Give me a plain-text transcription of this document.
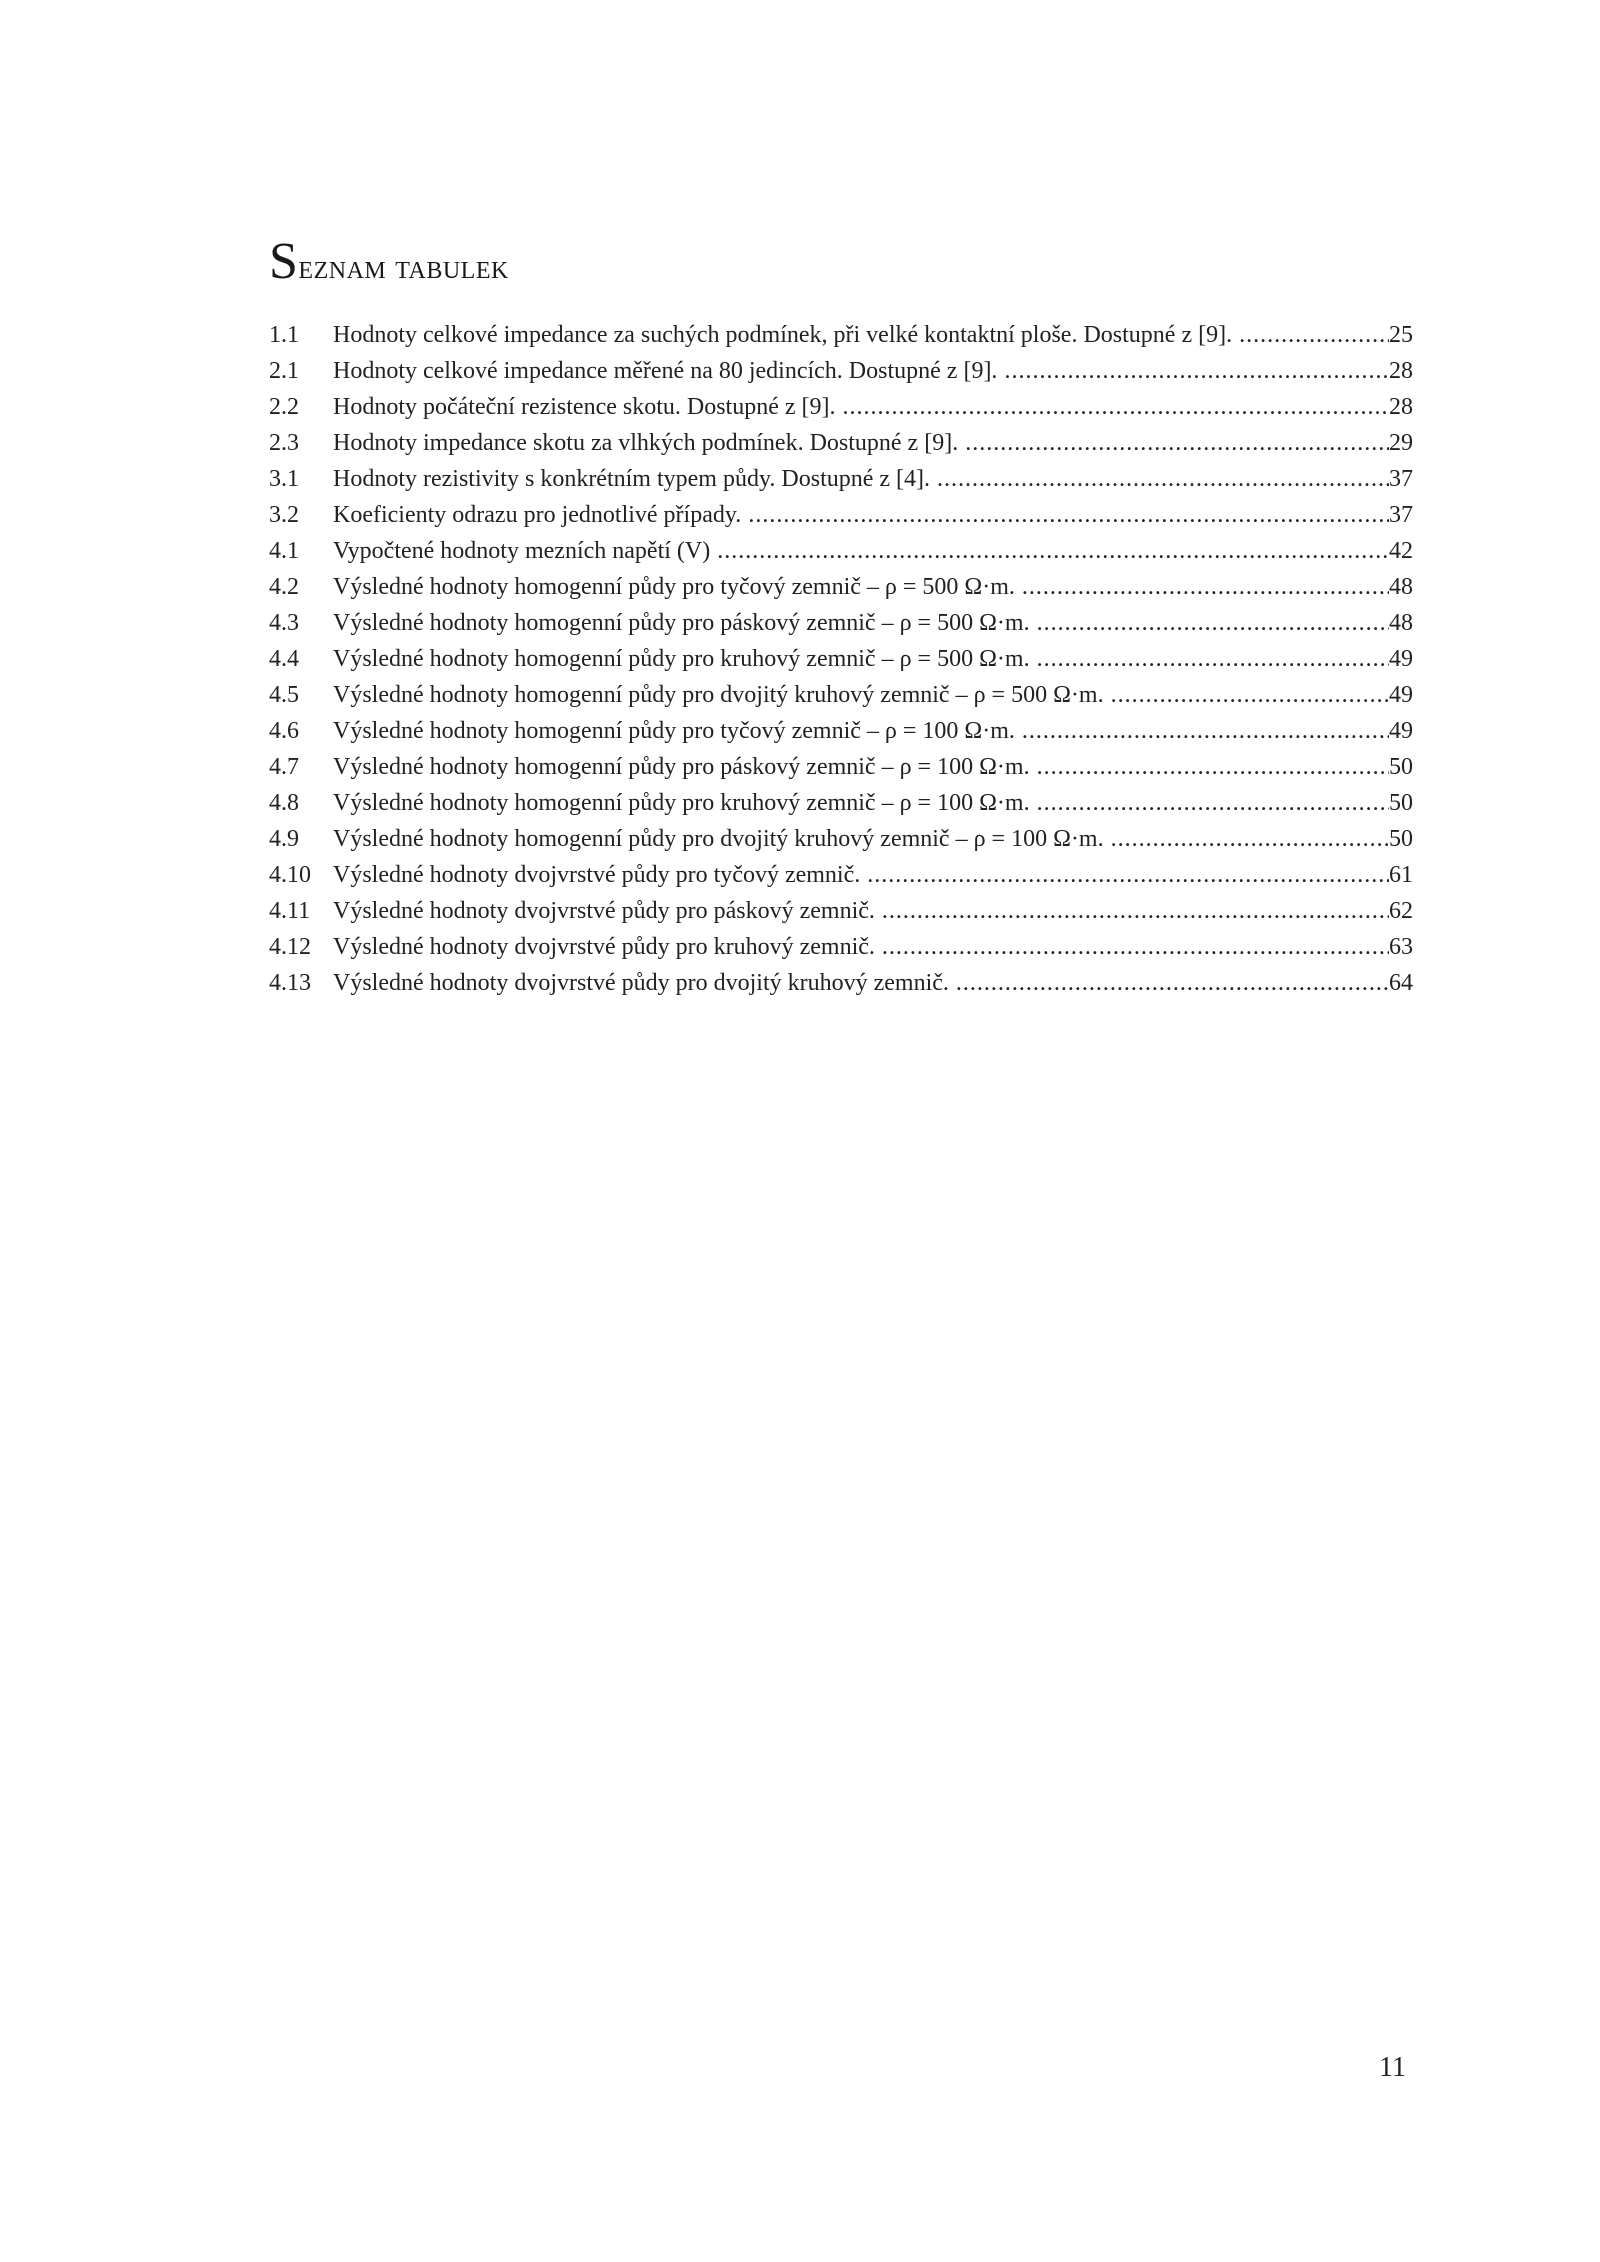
Seznam tabulek
1.1	Hodnoty celkové impedance za suchých podmínek, při velké kontaktní ploše. Dostupné z [9]. .....	25
2.1	Hodnoty celkové impedance měřené na 80 jedincích. Dostupné z [9]. .....	28
2.2	Hodnoty počáteční rezistence skotu. Dostupné z [9]. .....	28
2.3	Hodnoty impedance skotu za vlhkých podmínek. Dostupné z [9]. .....	29
3.1	Hodnoty rezistivity s konkrétním typem půdy. Dostupné z [4]. .....	37
3.2	Koeficienty odrazu pro jednotlivé případy. .....	37
4.1	Vypočtené hodnoty mezních napětí (V) .....	42
4.2	Výsledné hodnoty homogenní půdy pro tyčový zemnič – ρ = 500 Ω·m. .....	48
4.3	Výsledné hodnoty homogenní půdy pro páskový zemnič – ρ = 500 Ω·m. .....	48
4.4	Výsledné hodnoty homogenní půdy pro kruhový zemnič – ρ = 500 Ω·m. .....	49
4.5	Výsledné hodnoty homogenní půdy pro dvojitý kruhový zemnič – ρ = 500 Ω·m. .....	49
4.6	Výsledné hodnoty homogenní půdy pro tyčový zemnič – ρ = 100 Ω·m. .....	49
4.7	Výsledné hodnoty homogenní půdy pro páskový zemnič – ρ = 100 Ω·m. .....	50
4.8	Výsledné hodnoty homogenní půdy pro kruhový zemnič – ρ = 100 Ω·m. .....	50
4.9	Výsledné hodnoty homogenní půdy pro dvojitý kruhový zemnič – ρ = 100 Ω·m. .....	50
4.10 Výsledné hodnoty dvojvrstvé půdy pro tyčový zemnič. .....	61
4.11 Výsledné hodnoty dvojvrstvé půdy pro páskový zemnič. .....	62
4.12 Výsledné hodnoty dvojvrstvé půdy pro kruhový zemnič. .....	63
4.13 Výsledné hodnoty dvojvrstvé půdy pro dvojitý kruhový zemnič. .....	64
11
